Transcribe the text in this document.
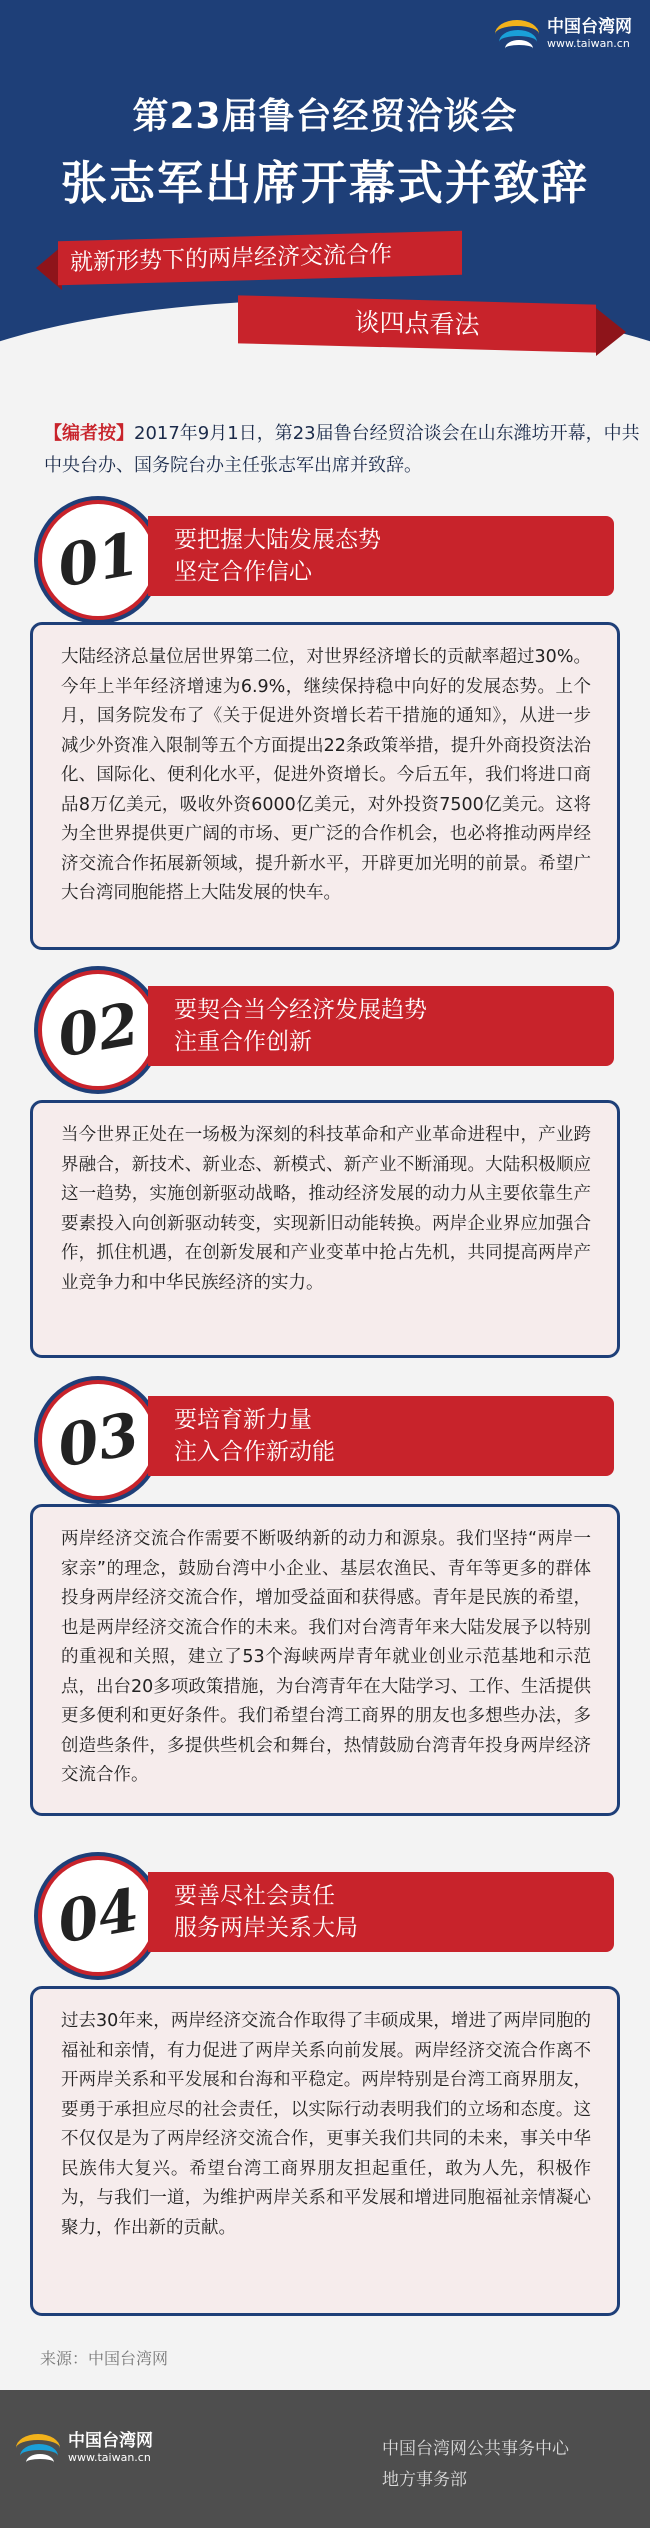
中国台湾网
www.taiwan.cn
第23届鲁台经贸洽谈会
张志军出席开幕式并致辞
就新形势下的两岸经济交流合作
谈四点看法
【编者按】2017年9月1日，第23届鲁台经贸洽谈会在山东潍坊开幕，中共中央台办、国务院台办主任张志军出席并致辞。
01 要把握大陆发展态势
坚定合作信心
大陆经济总量位居世界第二位，对世界经济增长的贡献率超过30%。今年上半年经济增速为6.9%，继续保持稳中向好的发展态势。上个月，国务院发布了《关于促进外资增长若干措施的通知》，从进一步减少外资准入限制等五个方面提出22条政策举措，提升外商投资法治化、国际化、便利化水平，促进外资增长。今后五年，我们将进口商品8万亿美元，吸收外资6000亿美元，对外投资7500亿美元。这将为全世界提供更广阔的市场、更广泛的合作机会，也必将推动两岸经济交流合作拓展新领域，提升新水平，开辟更加光明的前景。希望广大台湾同胞能搭上大陆发展的快车。
02 要契合当今经济发展趋势
注重合作创新
当今世界正处在一场极为深刻的科技革命和产业革命进程中，产业跨界融合，新技术、新业态、新模式、新产业不断涌现。大陆积极顺应这一趋势，实施创新驱动战略，推动经济发展的动力从主要依靠生产要素投入向创新驱动转变，实现新旧动能转换。两岸企业界应加强合作，抓住机遇，在创新发展和产业变革中抢占先机，共同提高两岸产业竞争力和中华民族经济的实力。
03 要培育新力量
注入合作新动能
两岸经济交流合作需要不断吸纳新的动力和源泉。我们坚持“两岸一家亲”的理念，鼓励台湾中小企业、基层农渔民、青年等更多的群体投身两岸经济交流合作，增加受益面和获得感。青年是民族的希望，也是两岸经济交流合作的未来。我们对台湾青年来大陆发展予以特别的重视和关照，建立了53个海峡两岸青年就业创业示范基地和示范点，出台20多项政策措施，为台湾青年在大陆学习、工作、生活提供更多便利和更好条件。我们希望台湾工商界的朋友也多想些办法，多创造些条件，多提供些机会和舞台，热情鼓励台湾青年投身两岸经济交流合作。
04 要善尽社会责任
服务两岸关系大局
过去30年来，两岸经济交流合作取得了丰硕成果，增进了两岸同胞的福祉和亲情，有力促进了两岸关系向前发展。两岸经济交流合作离不开两岸关系和平发展和台海和平稳定。两岸特别是台湾工商界朋友，要勇于承担应尽的社会责任，以实际行动表明我们的立场和态度。这不仅仅是为了两岸经济交流合作，更事关我们共同的未来，事关中华民族伟大复兴。希望台湾工商界朋友担起重任，敢为人先，积极作为，与我们一道，为维护两岸关系和平发展和增进同胞福祉亲情凝心聚力，作出新的贡献。
来源：中国台湾网
中国台湾网
www.taiwan.cn	中国台湾网公共事务中心
地方事务部
